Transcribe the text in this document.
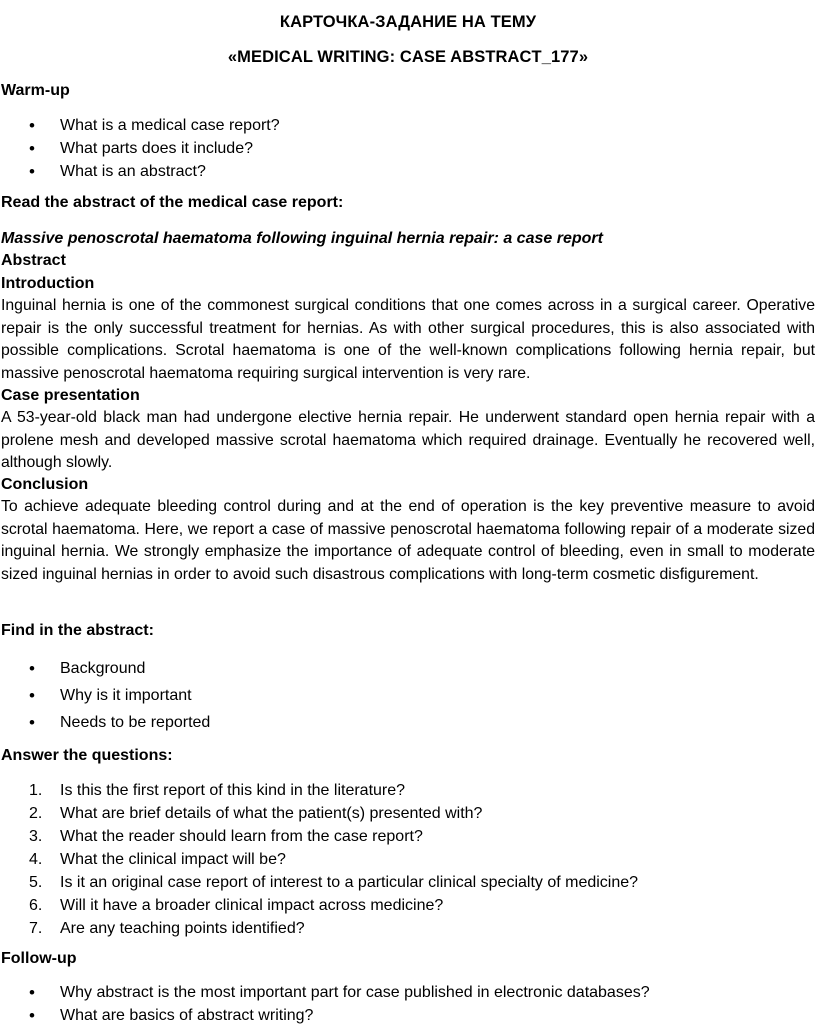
КАРТОЧКА-ЗАДАНИЕ НА ТЕМУ
«MEDICAL WRITING: CASE ABSTRACT_177»
Warm-up
• What is a medical case report?
• What parts does it include?
• What is an abstract?
Read the abstract of the medical case report:
Massive penoscrotal haematoma following inguinal hernia repair: a case report
Abstract
Introduction
Inguinal hernia is one of the commonest surgical conditions that one comes across in a surgical career. Operative repair is the only successful treatment for hernias. As with other surgical procedures, this is also associated with possible complications. Scrotal haematoma is one of the well-known complications following hernia repair, but massive penoscrotal haematoma requiring surgical intervention is very rare.
Case presentation
A 53-year-old black man had undergone elective hernia repair. He underwent standard open hernia repair with a prolene mesh and developed massive scrotal haematoma which required drainage. Eventually he recovered well, although slowly.
Conclusion
To achieve adequate bleeding control during and at the end of operation is the key preventive measure to avoid scrotal haematoma. Here, we report a case of massive penoscrotal haematoma following repair of a moderate sized inguinal hernia. We strongly emphasize the importance of adequate control of bleeding, even in small to moderate sized inguinal hernias in order to avoid such disastrous complications with long-term cosmetic disfigurement.
Find in the abstract:
• Background
• Why is it important
• Needs to be reported
Answer the questions:
1. Is this the first report of this kind in the literature?
2. What are brief details of what the patient(s) presented with?
3. What the reader should learn from the case report?
4. What the clinical impact will be?
5. Is it an original case report of interest to a particular clinical specialty of medicine?
6. Will it have a broader clinical impact across medicine?
7. Are any teaching points identified?
Follow-up
• Why abstract is the most important part for case published in electronic databases?
• What are basics of abstract writing?
